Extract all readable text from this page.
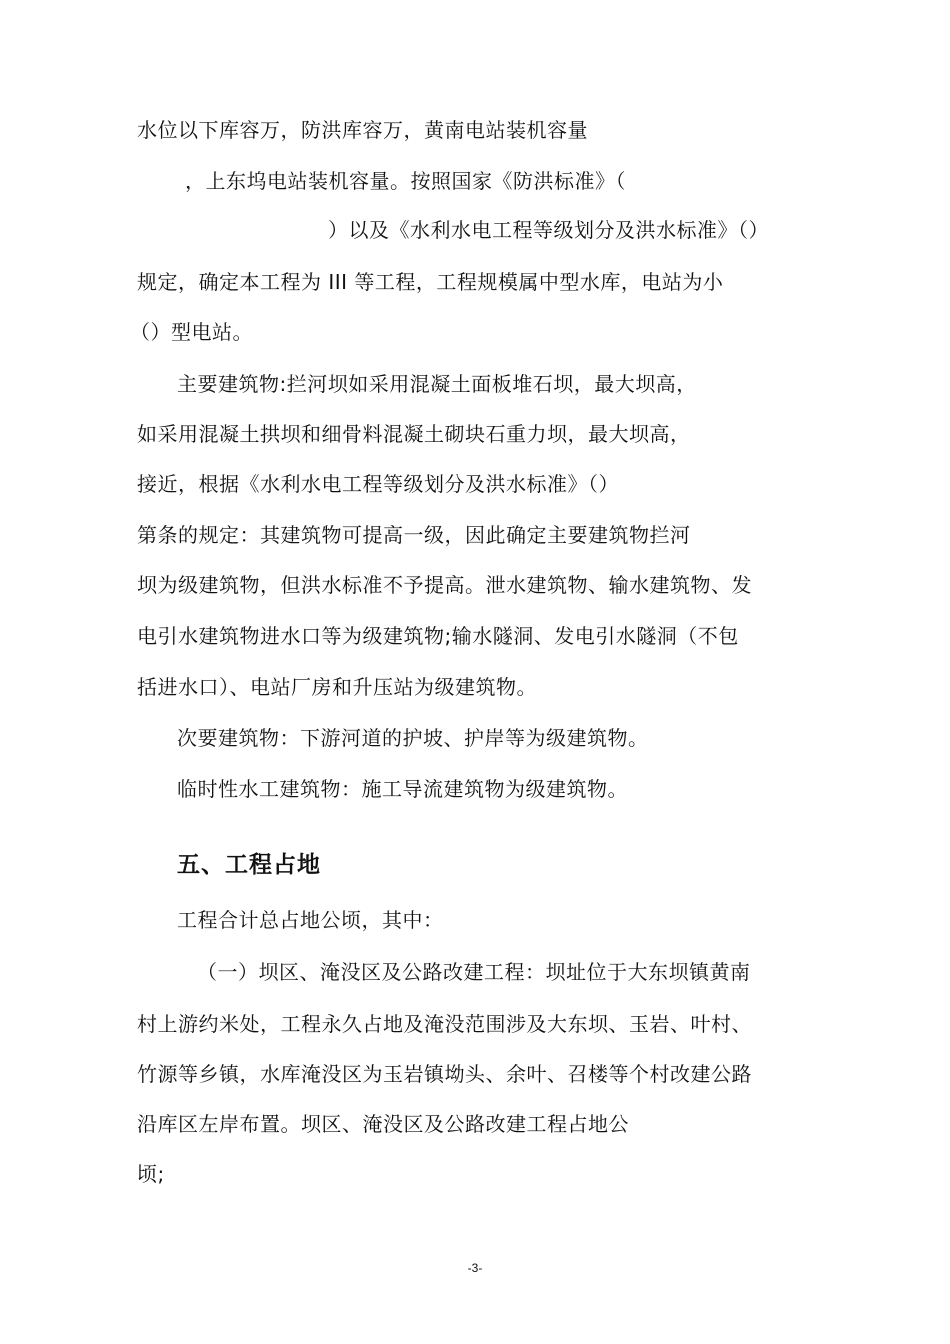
水位以下库容万，防洪库容万，黄南电站装机容量
，上东坞电站装机容量。按照国家《防洪标准》（
）以及《水利水电工程等级划分及洪水标准》（）
规定，确定本工程为 III 等工程，工程规模属中型水库，电站为小
（）型电站。
主要建筑物:拦河坝如采用混凝土面板堆石坝，最大坝高，
如采用混凝土拱坝和细骨料混凝土砌块石重力坝，最大坝高，
接近，根据《水利水电工程等级划分及洪水标准》（）
第条的规定：其建筑物可提高一级，因此确定主要建筑物拦河
坝为级建筑物，但洪水标准不予提高。泄水建筑物、输水建筑物、发
电引水建筑物进水口等为级建筑物;输水隧洞、发电引水隧洞（不包
括进水口）、电站厂房和升压站为级建筑物。
次要建筑物：下游河道的护坡、护岸等为级建筑物。
临时性水工建筑物：施工导流建筑物为级建筑物。
五、工程占地
工程合计总占地公顷，其中：
（一）坝区、淹没区及公路改建工程：坝址位于大东坝镇黄南
村上游约米处，工程永久占地及淹没范围涉及大东坝、玉岩、叶村、
竹源等乡镇，水库淹没区为玉岩镇坳头、余叶、召楼等个村改建公路
沿库区左岸布置。坝区、淹没区及公路改建工程占地公
顷;
-3-
